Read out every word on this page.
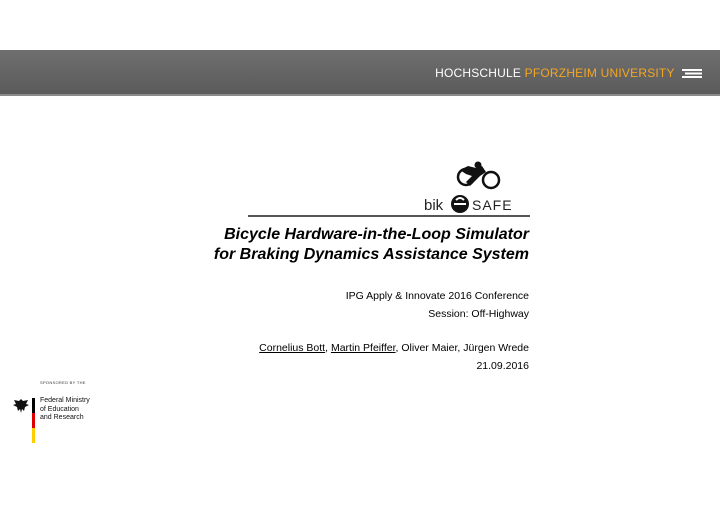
HOCHSCHULE PFORZHEIM UNIVERSITY
bik SAFE
Bicycle Hardware-in-the-Loop Simulator
for Braking Dynamics Assistance System
IPG Apply & Innovate 2016 Conference
Session: Off-Highway
Cornelius Bott, Martin Pfeiffer, Oliver Maier, Jürgen Wrede
21.09.2016
SPONSORED BY THE
Federal Ministry
of Education
and Research
